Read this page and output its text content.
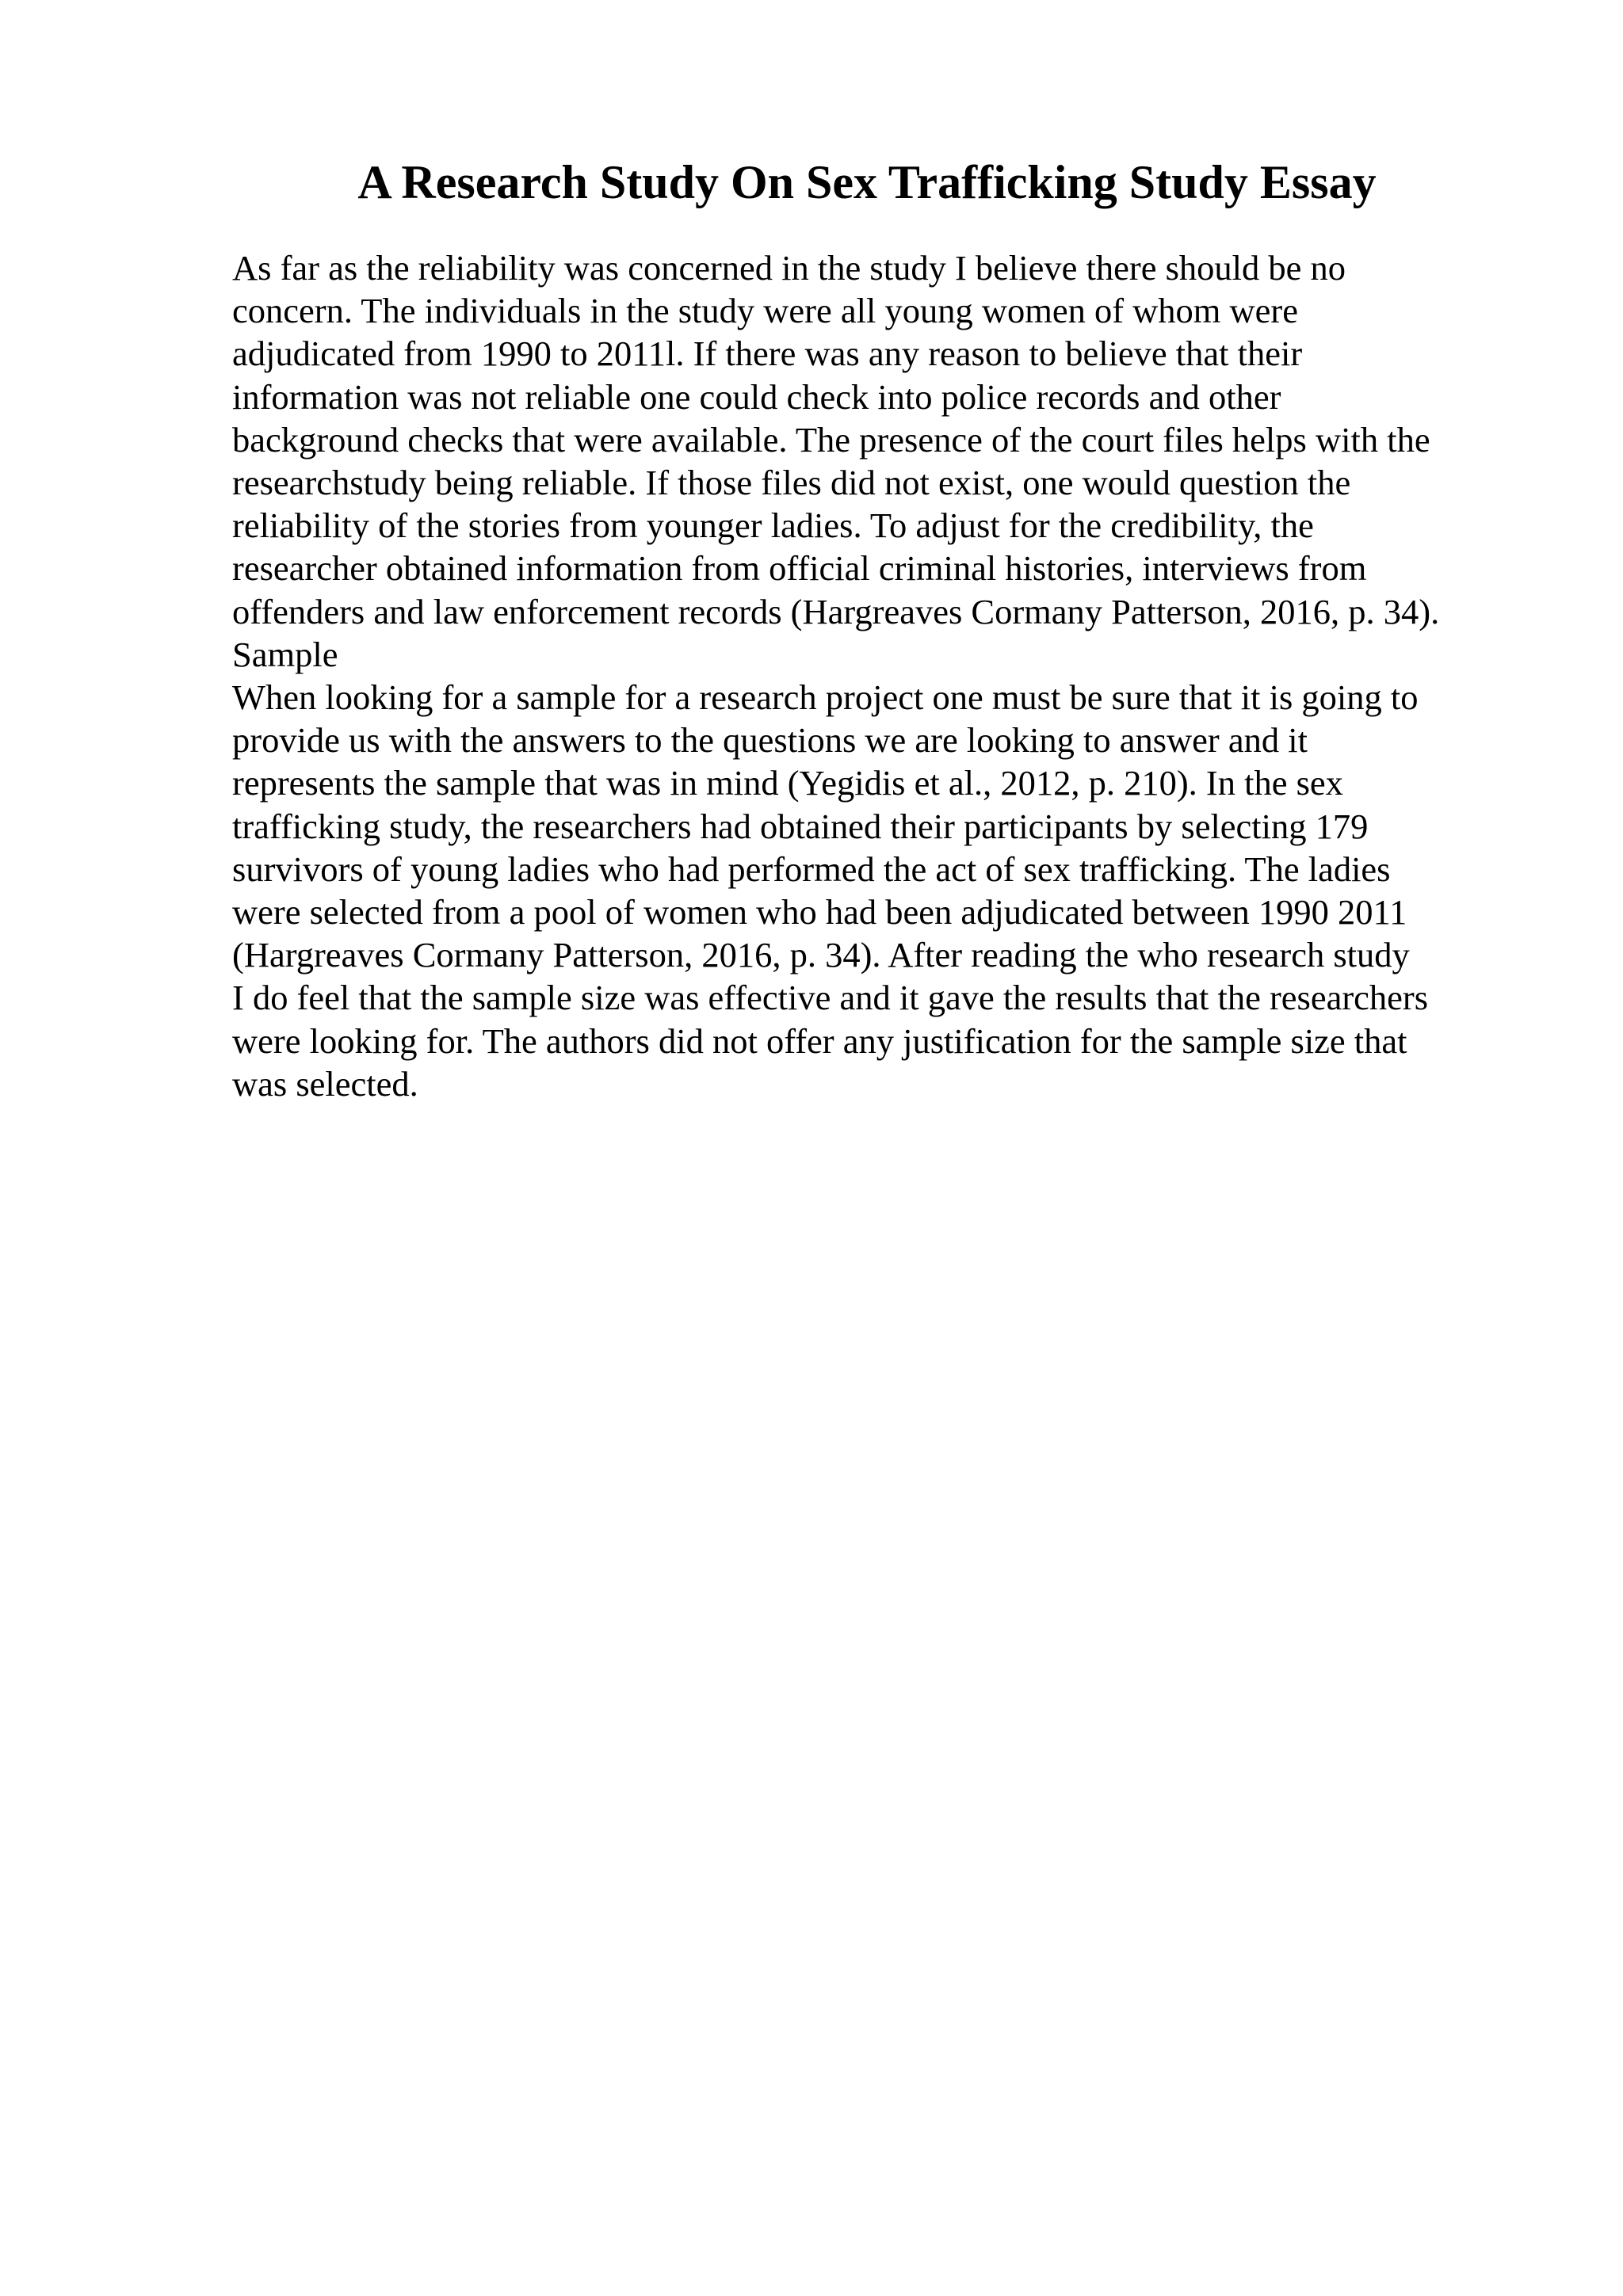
A Research Study On Sex Trafficking Study Essay
As far as the reliability was concerned in the study I believe there should be no
concern. The individuals in the study were all young women of whom were
adjudicated from 1990 to 2011l. If there was any reason to believe that their
information was not reliable one could check into police records and other
background checks that were available. The presence of the court files helps with the
researchstudy being reliable. If those files did not exist, one would question the
reliability of the stories from younger ladies. To adjust for the credibility, the
researcher obtained information from official criminal histories, interviews from
offenders and law enforcement records (Hargreaves Cormany Patterson, 2016, p. 34).
Sample
When looking for a sample for a research project one must be sure that it is going to
provide us with the answers to the questions we are looking to answer and it
represents the sample that was in mind (Yegidis et al., 2012, p. 210). In the sex
trafficking study, the researchers had obtained their participants by selecting 179
survivors of young ladies who had performed the act of sex trafficking. The ladies
were selected from a pool of women who had been adjudicated between 1990 2011
(Hargreaves Cormany Patterson, 2016, p. 34). After reading the who research study
I do feel that the sample size was effective and it gave the results that the researchers
were looking for. The authors did not offer any justification for the sample size that
was selected.
